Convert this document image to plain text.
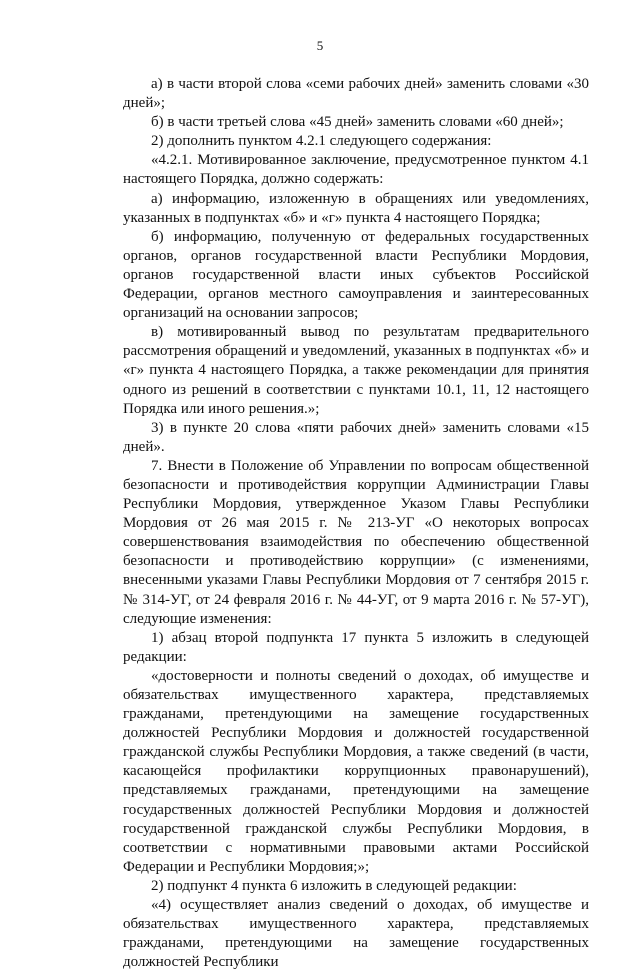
5

а) в части второй слова «семи рабочих дней» заменить словами «30 дней»;

б) в части третьей слова «45 дней» заменить словами «60 дней»;

2) дополнить пунктом 4.2.1 следующего содержания:

«4.2.1. Мотивированное заключение, предусмотренное пунктом 4.1 настоящего Порядка, должно содержать:

а) информацию, изложенную в обращениях или уведомлениях, указанных в подпунктах «б» и «г» пункта 4 настоящего Порядка;

б) информацию, полученную от федеральных государственных органов, органов государственной власти Республики Мордовия, органов государственной власти иных субъектов Российской Федерации, органов местного самоуправления и заинтересованных организаций на основании запросов;

в) мотивированный вывод по результатам предварительного рассмотрения обращений и уведомлений, указанных в подпунктах «б» и «г» пункта 4 настоящего Порядка, а также рекомендации для принятия одного из решений в соответствии с пунктами 10.1, 11, 12 настоящего Порядка или иного решения.»;

3) в пункте 20 слова «пяти рабочих дней» заменить словами «15 дней».

7. Внести в Положение об Управлении по вопросам общественной безопасности и противодействия коррупции Администрации Главы Республики Мордовия, утвержденное Указом Главы Республики Мордовия от 26 мая 2015 г. № 213-УГ «О некоторых вопросах совершенствования взаимодействия по обеспечению общественной безопасности и противодействию коррупции» (с изменениями, внесенными указами Главы Республики Мордовия от 7 сентября 2015 г. № 314-УГ, от 24 февраля 2016 г. № 44-УГ, от 9 марта 2016 г. № 57-УГ), следующие изменения:

1) абзац второй подпункта 17 пункта 5 изложить в следующей редакции:

«достоверности и полноты сведений о доходах, об имуществе и обязательствах имущественного характера, представляемых гражданами, претендующими на замещение государственных должностей Республики Мордовия и должностей государственной гражданской службы Республики Мордовия, а также сведений (в части, касающейся профилактики коррупционных правонарушений), представляемых гражданами, претендующими на замещение государственных должностей Республики Мордовия и должностей государственной гражданской службы Республики Мордовия, в соответствии с нормативными правовыми актами Российской Федерации и Республики Мордовия;»;

2) подпункт 4 пункта 6 изложить в следующей редакции:

«4) осуществляет анализ сведений о доходах, об имуществе и обязательствах имущественного характера, представляемых гражданами, претендующими на замещение государственных должностей Республики
